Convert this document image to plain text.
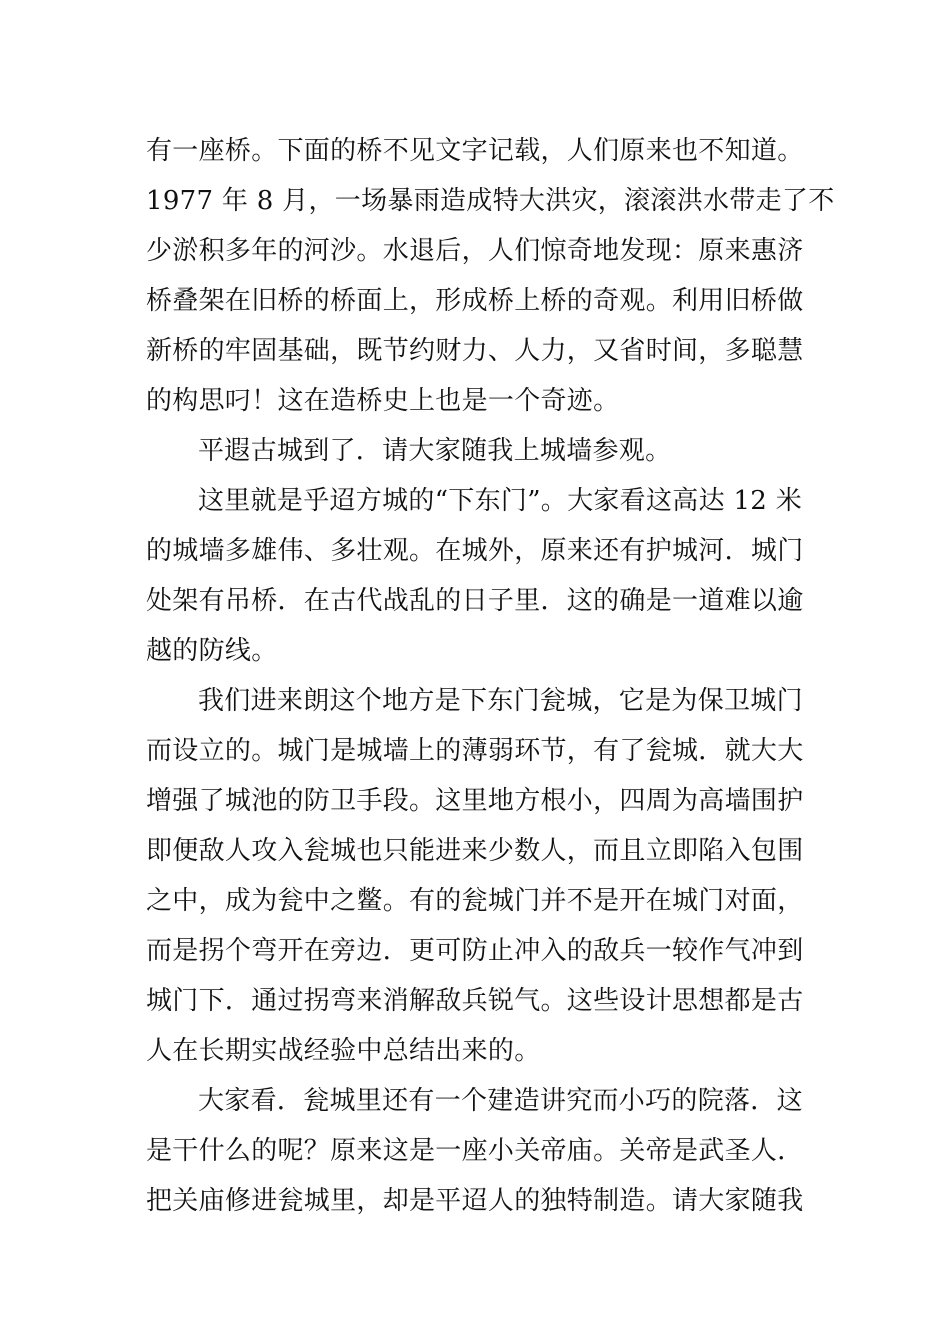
有一座桥。下面的桥不见文字记载，人们原来也不知道。
1977 年 8 月，一场暴雨造成特大洪灾，滚滚洪水带走了不
少淤积多年的河沙。水退后，人们惊奇地发现：原来惠济
桥叠架在旧桥的桥面上，形成桥上桥的奇观。利用旧桥做
新桥的牢固基础，既节约财力、人力，又省时间，多聪慧
的构思叼！这在造桥史上也是一个奇迹。
平遐古城到了．请大家随我上城墙参观。
这里就是乎迢方城的“下东门”。大家看这高达 12 米
的城墙多雄伟、多壮观。在城外，原来还有护城河．城门
处架有吊桥．在古代战乱的日子里．这的确是一道难以逾
越的防线。
我们进来朗这个地方是下东门瓮城，它是为保卫城门
而设立的。城门是城墙上的薄弱环节，有了瓮城．就大大
增强了城池的防卫手段。这里地方根小，四周为高墙围护
即便敌人攻入瓮城也只能进来少数人，而且立即陷入包围
之中，成为瓮中之鳖。有的瓮城门并不是开在城门对面，
而是拐个弯开在旁边．更可防止冲入的敌兵一较作气冲到
城门下．通过拐弯来消解敌兵锐气。这些设计思想都是古
人在长期实战经验中总结出来的。
大家看．瓮城里还有一个建造讲究而小巧的院落．这
是干什么的呢？原来这是一座小关帝庙。关帝是武圣人．
把关庙修进瓮城里，却是平迢人的独特制造。请大家随我
